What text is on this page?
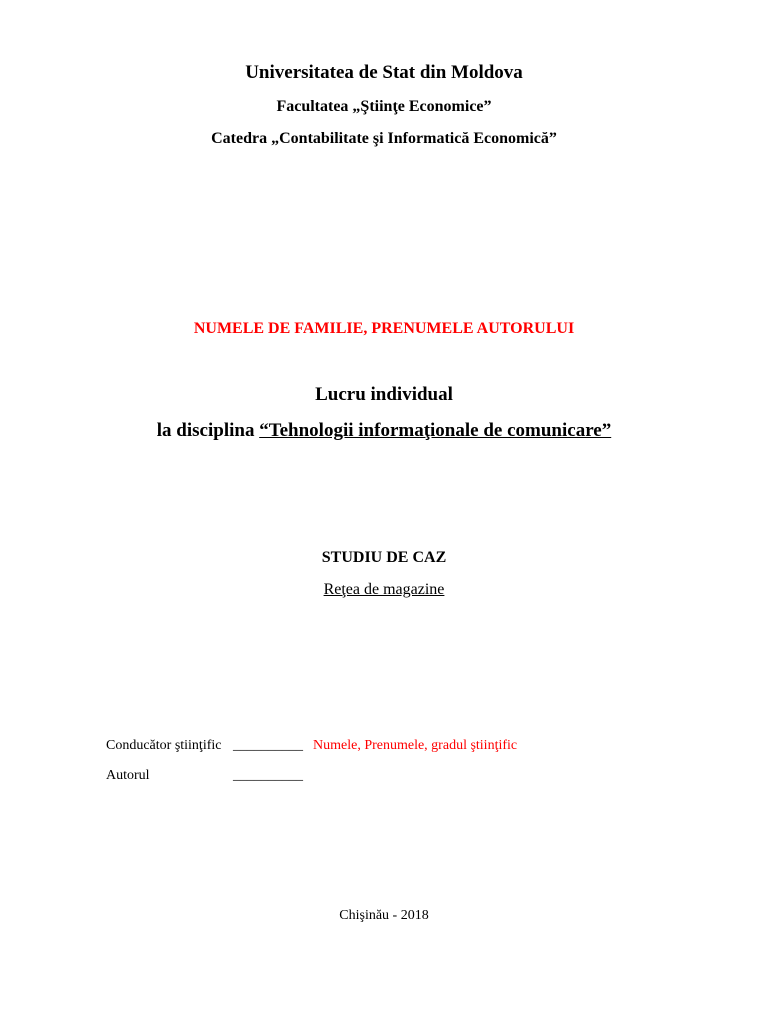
Universitatea de Stat din Moldova
Facultatea „Ştiinţe Economice”
Catedra „Contabilitate şi Informatică Economică”
NUMELE DE FAMILIE, PRENUMELE AUTORULUI
Lucru individual
la disciplina “Tehnologii informaţionale de comunicare”
STUDIU DE CAZ
Reţea de magazine
Conducător ştiinţific __________ Numele, Prenumele, gradul ştiinţific
Autorul	__________
Chişinău - 2018
